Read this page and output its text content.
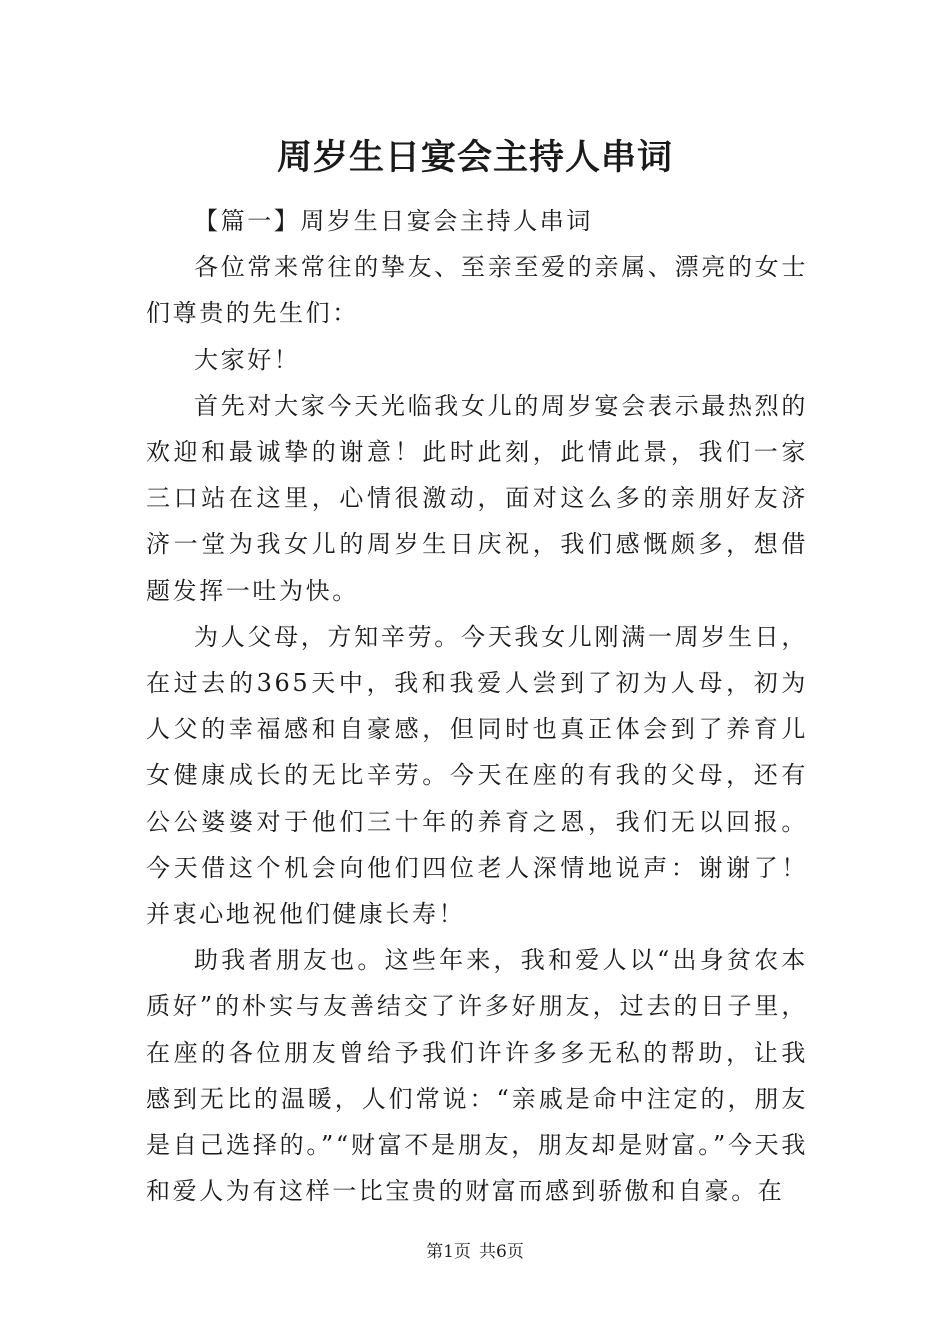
周岁生日宴会主持人串词

【篇一】周岁生日宴会主持人串词

各位常来常往的挚友、至亲至爱的亲属、漂亮的女士们尊贵的先生们：

大家好！

首先对大家今天光临我女儿的周岁宴会表示最热烈的欢迎和最诚挚的谢意！此时此刻，此情此景，我们一家三口站在这里，心情很激动，面对这么多的亲朋好友济济一堂为我女儿的周岁生日庆祝，我们感慨颇多，想借题发挥一吐为快。

为人父母，方知辛劳。今天我女儿刚满一周岁生日，在过去的365天中，我和我爱人尝到了初为人母，初为人父的幸福感和自豪感，但同时也真正体会到了养育儿女健康成长的无比辛劳。今天在座的有我的父母，还有公公婆婆对于他们三十年的养育之恩，我们无以回报。今天借这个机会向他们四位老人深情地说声：谢谢了！并衷心地祝他们健康长寿！

助我者朋友也。这些年来，我和爱人以“出身贫农本质好”的朴实与友善结交了许多好朋友，过去的日子里，在座的各位朋友曾给予我们许许多多无私的帮助，让我感到无比的温暖，人们常说：“亲戚是命中注定的，朋友是自己选择的。”“财富不是朋友，朋友却是财富。”今天我和爱人为有这样一比宝贵的财富而感到骄傲和自豪。在

第1页 共6页
